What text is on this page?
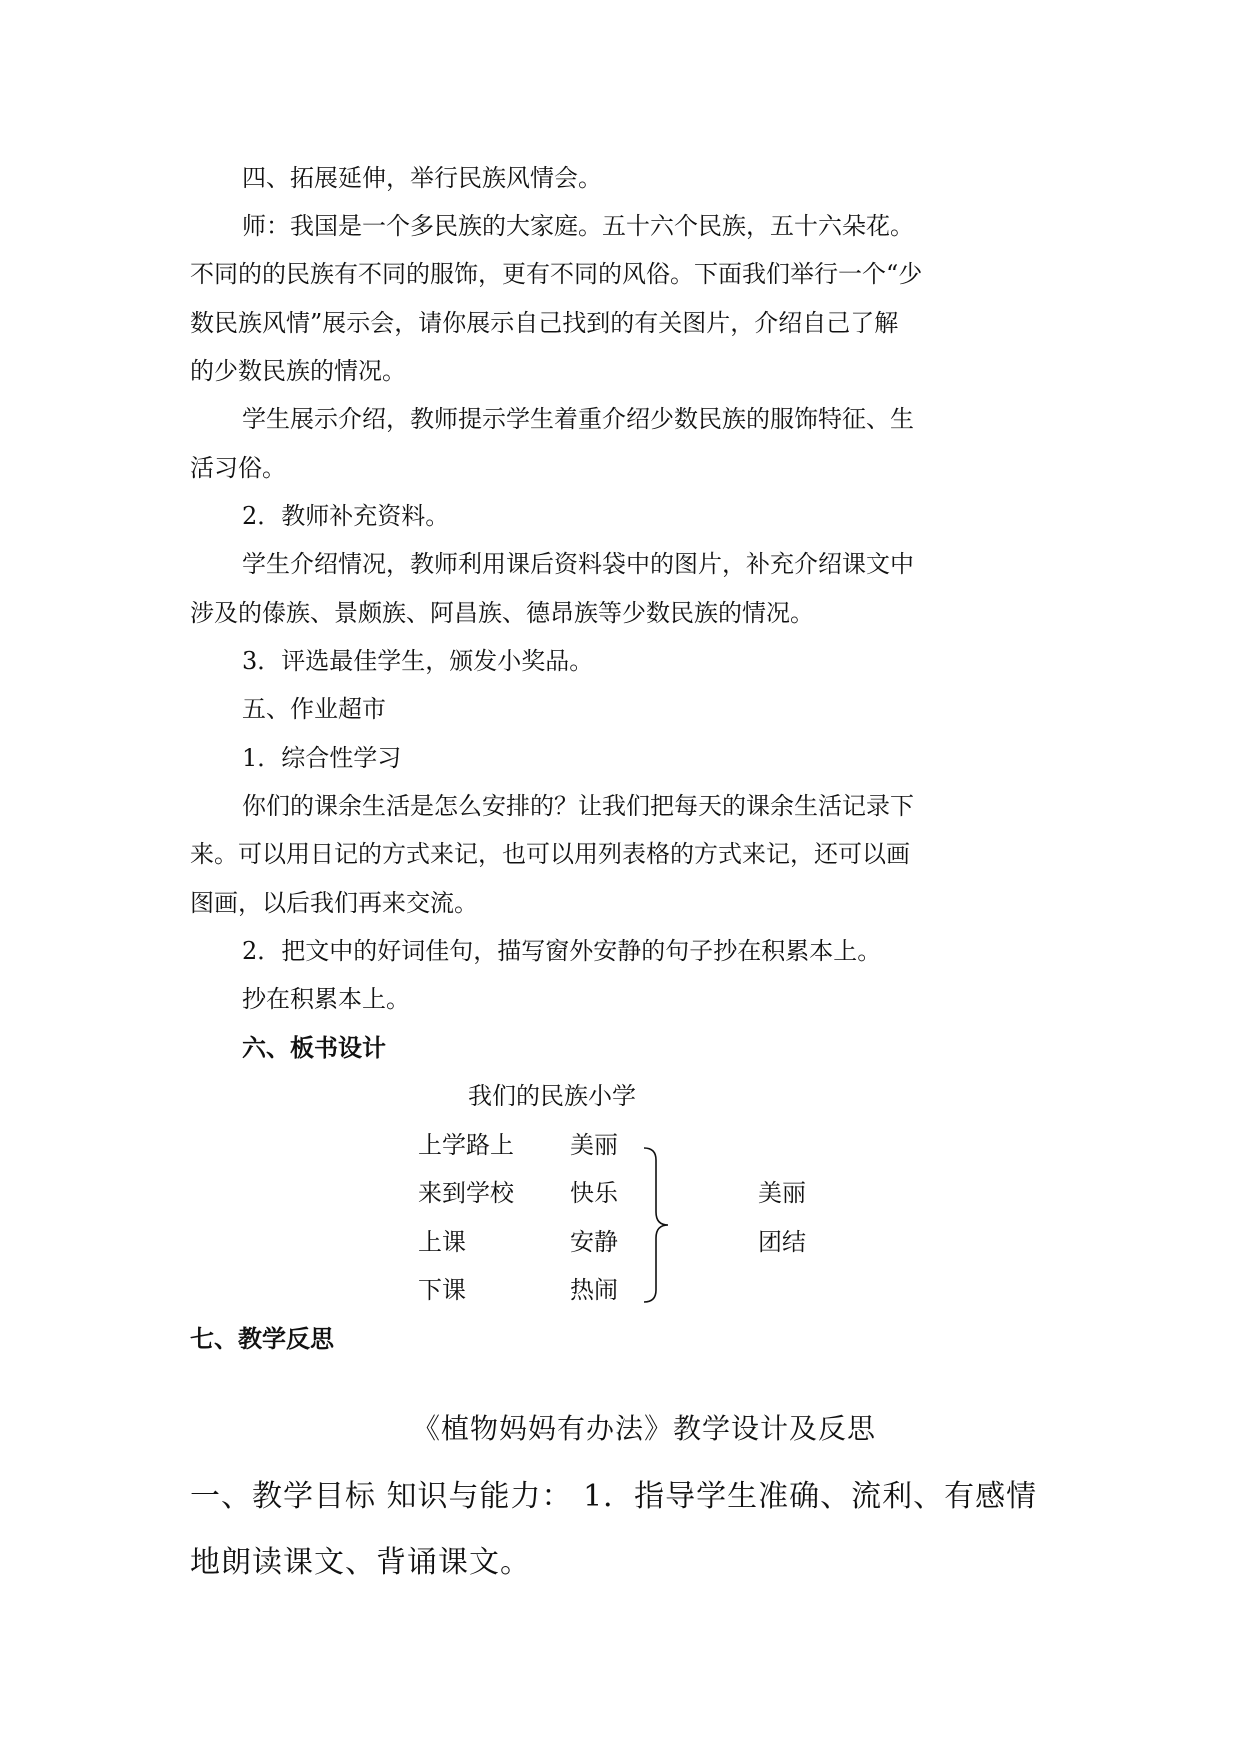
四、拓展延伸，举行民族风情会。
师：我国是一个多民族的大家庭。五十六个民族，五十六朵花。
不同的的民族有不同的服饰，更有不同的风俗。下面我们举行一个“少
数民族风情”展示会，请你展示自己找到的有关图片，介绍自己了解
的少数民族的情况。
学生展示介绍，教师提示学生着重介绍少数民族的服饰特征、生
活习俗。
2．教师补充资料。
学生介绍情况，教师利用课后资料袋中的图片，补充介绍课文中
涉及的傣族、景颇族、阿昌族、德昂族等少数民族的情况。
3．评选最佳学生，颁发小奖品。
五、作业超市
1．综合性学习
你们的课余生活是怎么安排的？让我们把每天的课余生活记录下
来。可以用日记的方式来记，也可以用列表格的方式来记，还可以画
图画，以后我们再来交流。
2．把文中的好词佳句，描写窗外安静的句子抄在积累本上。
抄在积累本上。
六、板书设计
我们的民族小学
上学路上 美丽
来到学校 快乐
上课	安静
下课	热闹
美丽
团结
七、教学反思
《植物妈妈有办法》教学设计及反思
一、教学目标 知识与能力： 1．指导学生准确、流利、有感情
地朗读课文、背诵课文。
